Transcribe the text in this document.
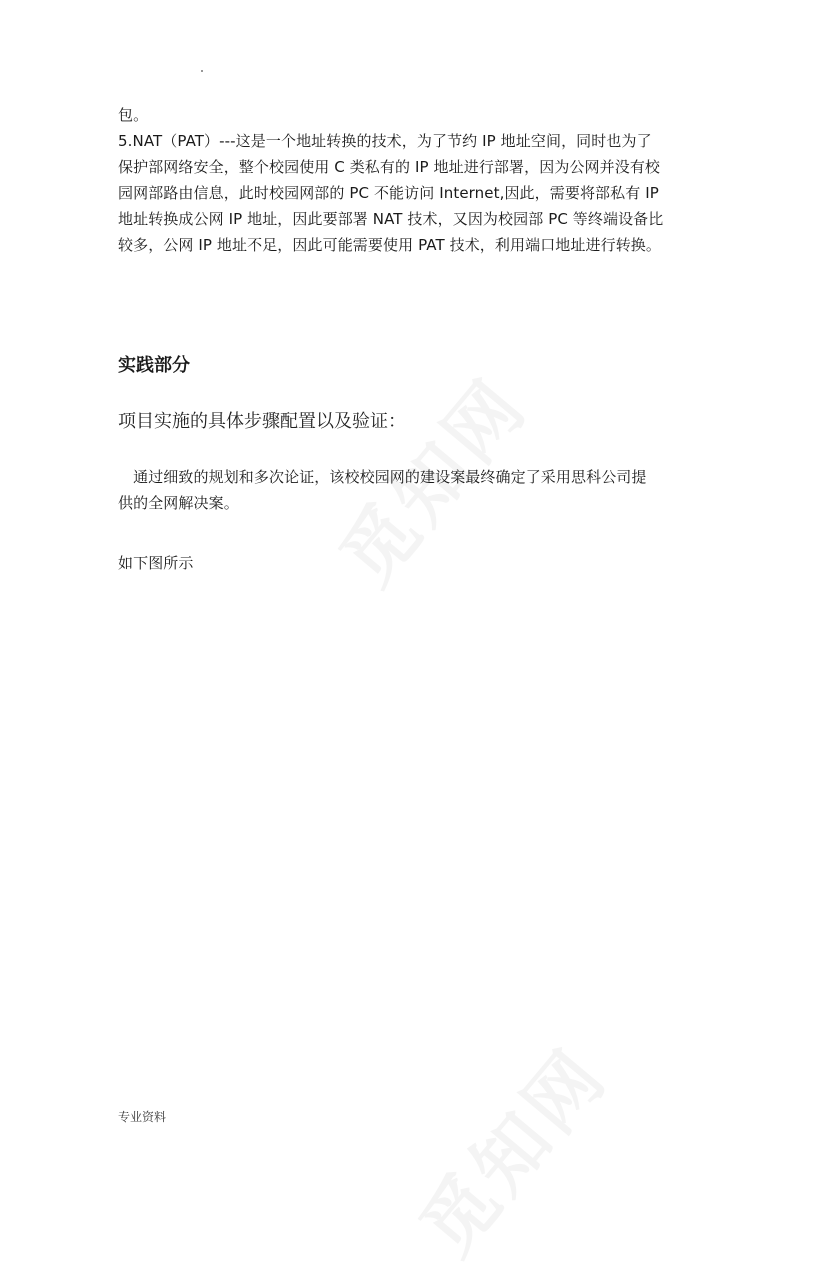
包。
5.NAT（PAT）---这是一个地址转换的技术，为了节约 IP 地址空间，同时也为了
保护部网络安全，整个校园使用 C 类私有的 IP 地址进行部署，因为公网并没有校
园网部路由信息，此时校园网部的 PC 不能访问 Internet,因此，需要将部私有 IP
地址转换成公网 IP 地址，因此要部署 NAT 技术，又因为校园部 PC 等终端设备比
较多，公网 IP 地址不足，因此可能需要使用 PAT 技术，利用端口地址进行转换。
实践部分
项目实施的具体步骤配置以及验证：
　通过细致的规划和多次论证，该校校园网的建设案最终确定了采用思科公司提
供的全网解决案。
如下图所示
专业资料
